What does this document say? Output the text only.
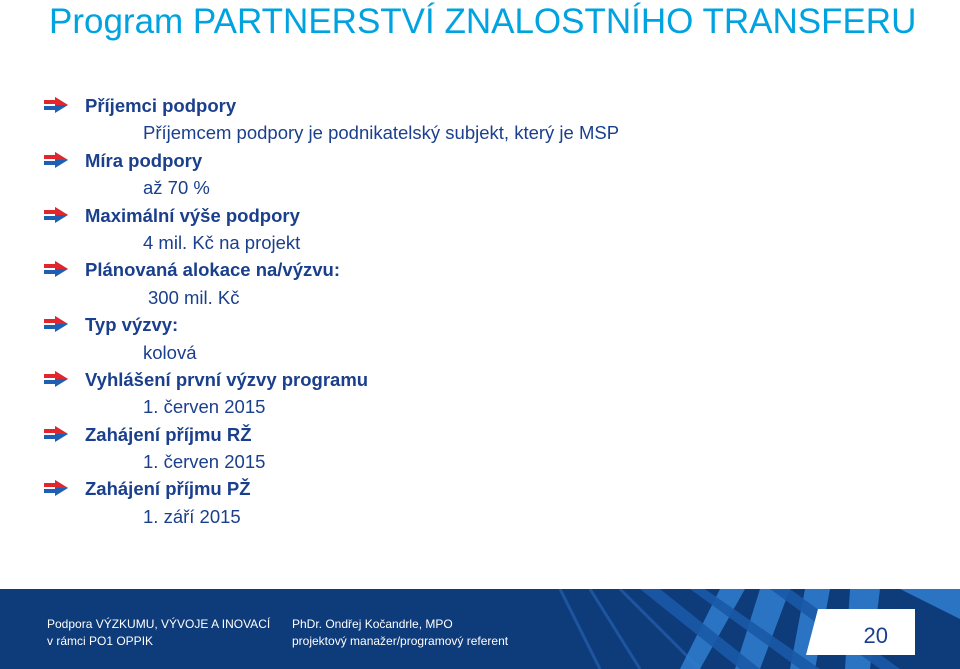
Program PARTNERSTVÍ ZNALOSTNÍHO TRANSFERU
Příjemci podpory
Příjemcem podpory je podnikatelský subjekt, který je MSP
Míra podpory
až 70 %
Maximální výše podpory
4 mil. Kč na projekt
Plánovaná alokace na/výzvu:
300 mil. Kč
Typ výzvy:
kolová
Vyhlášení první výzvy programu
1. červen 2015
Zahájení příjmu RŽ
1. červen 2015
Zahájení příjmu PŽ
1. září 2015
Podpora VÝZKUMU, VÝVOJE A INOVACÍ
v rámci PO1 OPPIK
PhDr. Ondřej Kočandrle, MPO
projektový manažer/programový referent	20
